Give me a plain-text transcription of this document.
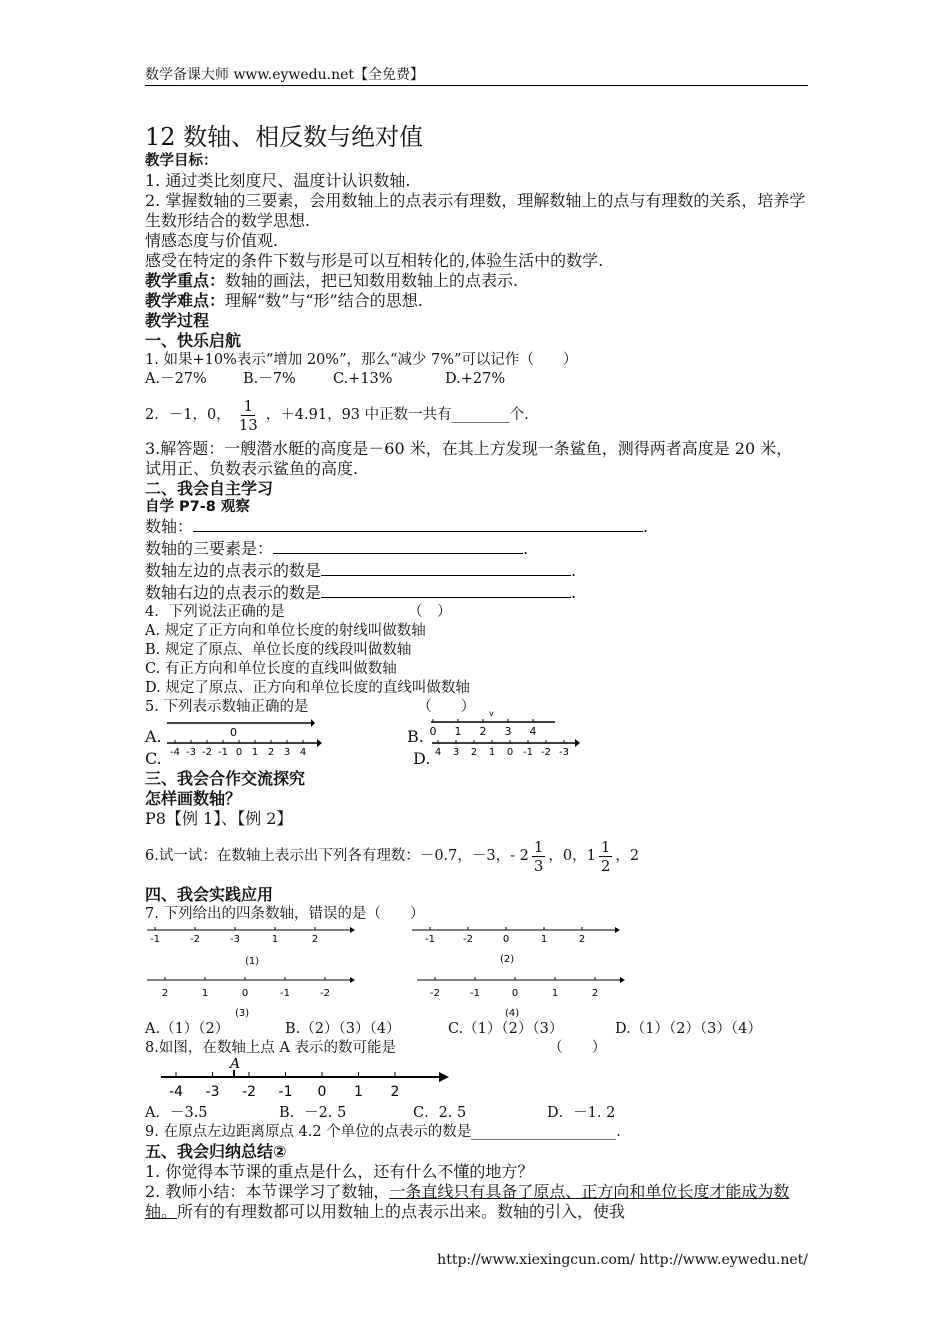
数学备课大师 www.eywedu.net【全免费】
12 数轴、相反数与绝对值
教学目标：
1. 通过类比刻度尺、温度计认识数轴.
2. 掌握数轴的三要素，会用数轴上的点表示有理数，理解数轴上的点与有理数的关系，培养学生数形结合的数学思想.
情感态度与价值观.
感受在特定的条件下数与形是可以互相转化的,体验生活中的数学.
教学重点：数轴的画法，把已知数用数轴上的点表示.
教学难点：理解“数”与“形”结合的思想.
教学过程
一、快乐启航
1. 如果+10%表示“增加 20%”，那么“减少 7%”可以记作（　　）
A.－27%	B.－7%	C.+13%	D.+27%
2．－1，0， $\frac{1}{13}$ ，＋4.91，93 中正数一共有________个.
3.解答题：一艘潜水艇的高度是－60 米，在其上方发现一条鲨鱼，测得两者高度是 20 米，试用正、负数表示鲨鱼的高度.
二、我会自主学习
自学 P7-8 观察
数轴：	.
数轴的三要素是：	.
数轴左边的点表示的数是	.
数轴右边的点表示的数是	.
4．下列说法正确的是　　　　　　　　　（　）
A. 规定了正方向和单位长度的射线叫做数轴
B. 规定了原点、单位长度的线段叫做数轴
C. 有正方向和单位长度的直线叫做数轴
D. 规定了原点、正方向和单位长度的直线叫做数轴
5. 下列表示数轴正确的是　　　　　　　　（　　）
A.	B.
C.	D.
0
v
0 1 2 3 4
-4 -3 -2 -1 0 1 2 3 4	4 3 2 1 0 -1 -2 -3
三、我会合作交流探究
怎样画数轴？
P8【例 1】、【例 2】
6.试一试：在数轴上表示出下列各有理数：－0.7，－3， - $2 \frac{1}{3}$ ，0， $1 \frac{1}{2}$ ，2
四、我会实践应用
7. 下列给出的四条数轴，错误的是（　　）
-1	-2	-3	1	2
(1)
-1	-2	0	1	2
(2)
2	1	0	-1	-2
(3)
-2	-1	0	1	2
(4)
A.（1）（2）	B.（2）（3）（4）	C.（1）（2）（3）	D.（1）（2）（3）（4）
8.如图，在数轴上点 A 表示的数可能是　　　　　　　　　　　（　　）
A
-4 -3 -2 -1 0 1 2
A．－3.5	B．－2. 5	C．2. 5	D．－1. 2
9. 在原点左边距离原点 4.2 个单位的点表示的数是____________________.
五、我会归纳总结②
1. 你觉得本节课的重点是什么，还有什么不懂的地方？
2. 教师小结：本节课学习了数轴，一条直线只有具备了原点、正方向和单位长度才能成为数轴。所有的有理数都可以用数轴上的点表示出来。数轴的引入，使我
http://www.xiexingcun.com/ http://www.eywedu.net/
